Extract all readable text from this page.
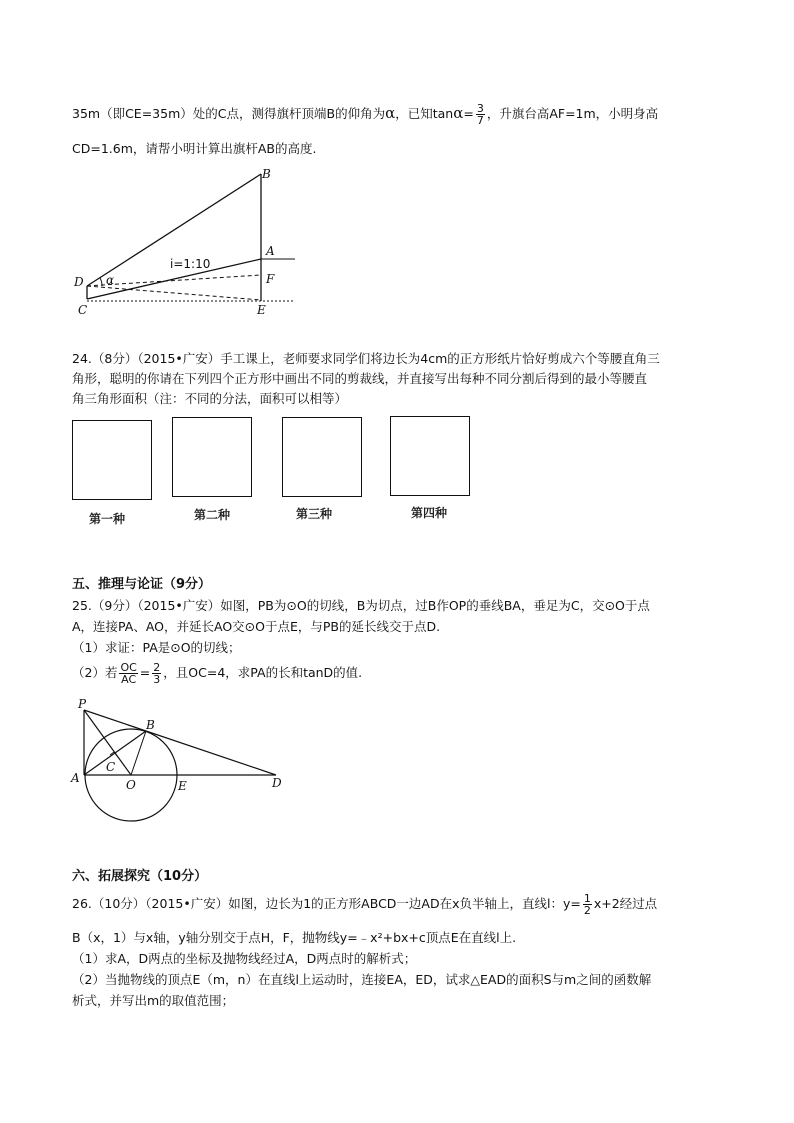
35m（即CE=35m）处的C点，测得旗杆顶端B的仰角为α，已知$\tan\alpha= \frac{3}{7}$ ，升旗台高AF=1m，小明身高
CD=1.6m，请帮小明计算出旗杆AB的高度.
B
A
F
D
C	E
i=1:10
α
24.（8分）（2015•广安）手工课上，老师要求同学们将边长为4cm的正方形纸片恰好剪成六个等腰直角三
角形，聪明的你请在下列四个正方形中画出不同的剪裁线，并直接写出每种不同分割后得到的最小等腰直
角三角形面积（注：不同的分法，面积可以相等）
第一种	第二种	第三种	第四种
五、推理与论证（9分）
25.（9分）（2015•广安）如图，PB为⊙O的切线，B为切点，过B作OP的垂线BA，垂足为C，交⊙O于点
A，连接PA、AO，并延长AO交⊙O于点E，与PB的延长线交于点D.
（1）求证：PA是⊙O的切线；
（2）若 $\frac{OC}{AC} = \frac{2}{3}$ ，且OC=4，求PA的长和tanD的值.
P
B
C
A	O	E	D
六、拓展探究（10分）
26.（10分）（2015•广安）如图，边长为1的正方形ABCD一边AD在x负半轴上，直线l：$y= \frac{1}{2} x+2$经过点
B（x，1）与x轴，y轴分别交于点H，F，抛物线y=﹣x²+bx+c顶点E在直线l上.
（1）求A，D两点的坐标及抛物线经过A，D两点时的解析式；
（2）当抛物线的顶点E（m，n）在直线l上运动时，连接EA，ED，试求△EAD的面积S与m之间的函数解
析式，并写出m的取值范围；
